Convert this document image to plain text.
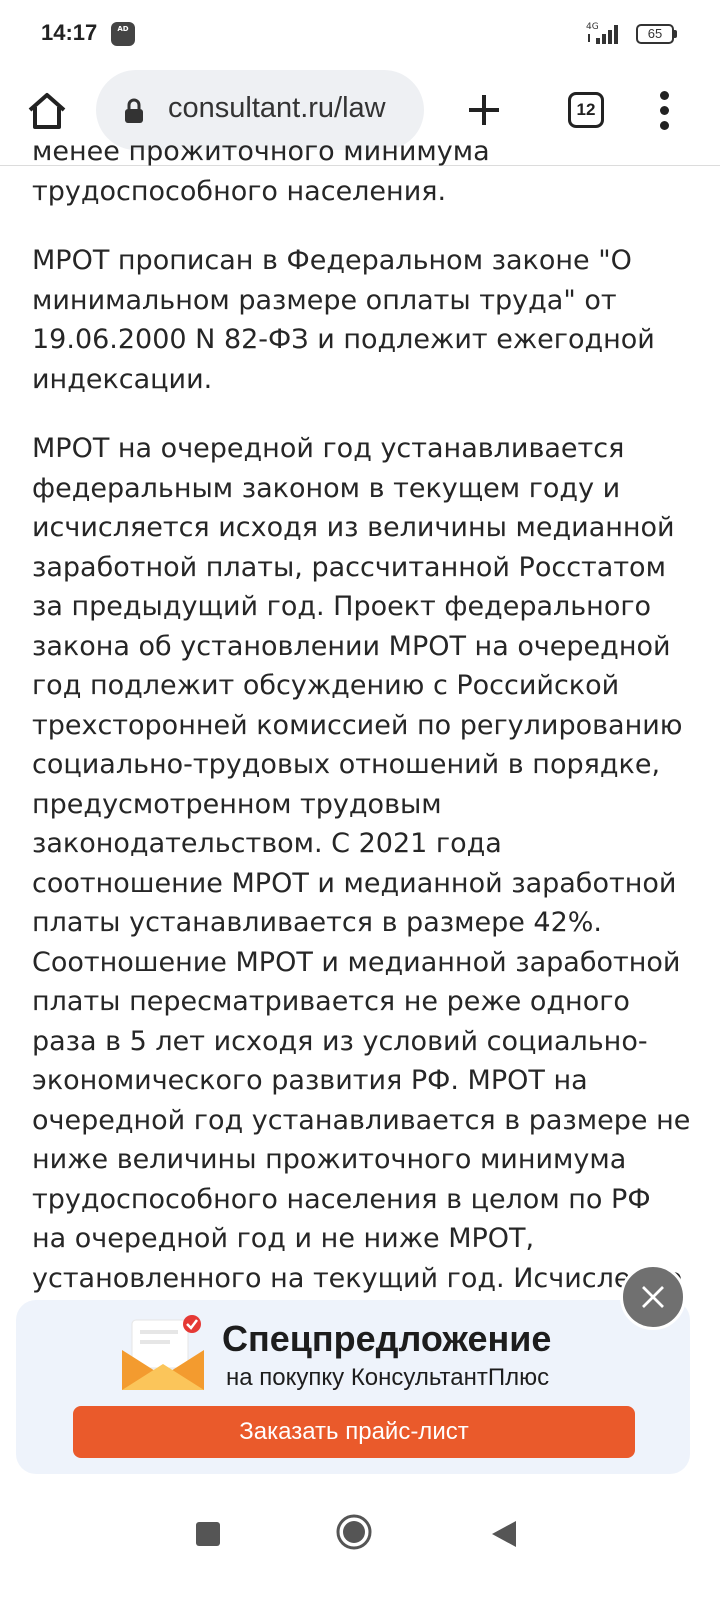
14:17	AD	4G	65
consultant.ru/law	12

менее прожиточного минимума
трудоспособного населения.

МРОТ прописан в Федеральном законе "О минимальном размере оплаты труда" от 19.06.2000 N 82-ФЗ и подлежит ежегодной индексации.

МРОТ на очередной год устанавливается федеральным законом в текущем году и исчисляется исходя из величины медианной заработной платы, рассчитанной Росстатом за предыдущий год. Проект федерального закона об установлении МРОТ на очередной год подлежит обсуждению с Российской трехсторонней комиссией по регулированию социально-трудовых отношений в порядке, предусмотренном трудовым законодательством. С 2021 года соотношение МРОТ и медианной заработной платы устанавливается в размере 42%. Соотношение МРОТ и медианной заработной платы пересматривается не реже одного раза в 5 лет исходя из условий социально-экономического развития РФ. МРОТ на очередной год устанавливается в размере не ниже величины прожиточного минимума трудоспособного населения в целом по РФ на очередной год и не ниже МРОТ, установленного на текущий год. Исчисление

Спецпредложение
на покупку КонсультантПлюс
Заказать прайс-лист
